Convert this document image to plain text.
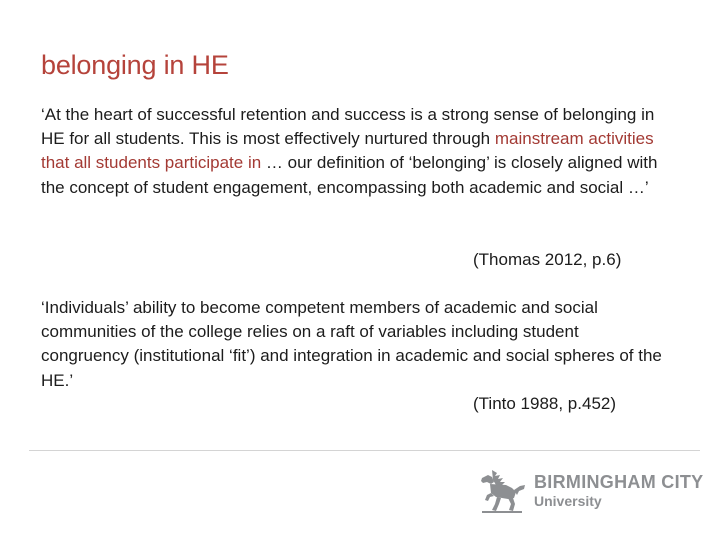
belonging in HE
‘At the heart of successful retention and success is a strong sense of belonging in HE for all students. This is most effectively nurtured through mainstream activities that all students participate in … our definition of ‘belonging’ is closely aligned with the concept of student engagement, encompassing both academic and social …’
(Thomas 2012, p.6)
‘Individuals’ ability to become competent members of academic and social communities of the college relies on a raft of variables including student congruency (institutional ‘fit’) and integration in academic and social spheres of the HE.’
(Tinto 1988, p.452)
BIRMINGHAM CITY
University
